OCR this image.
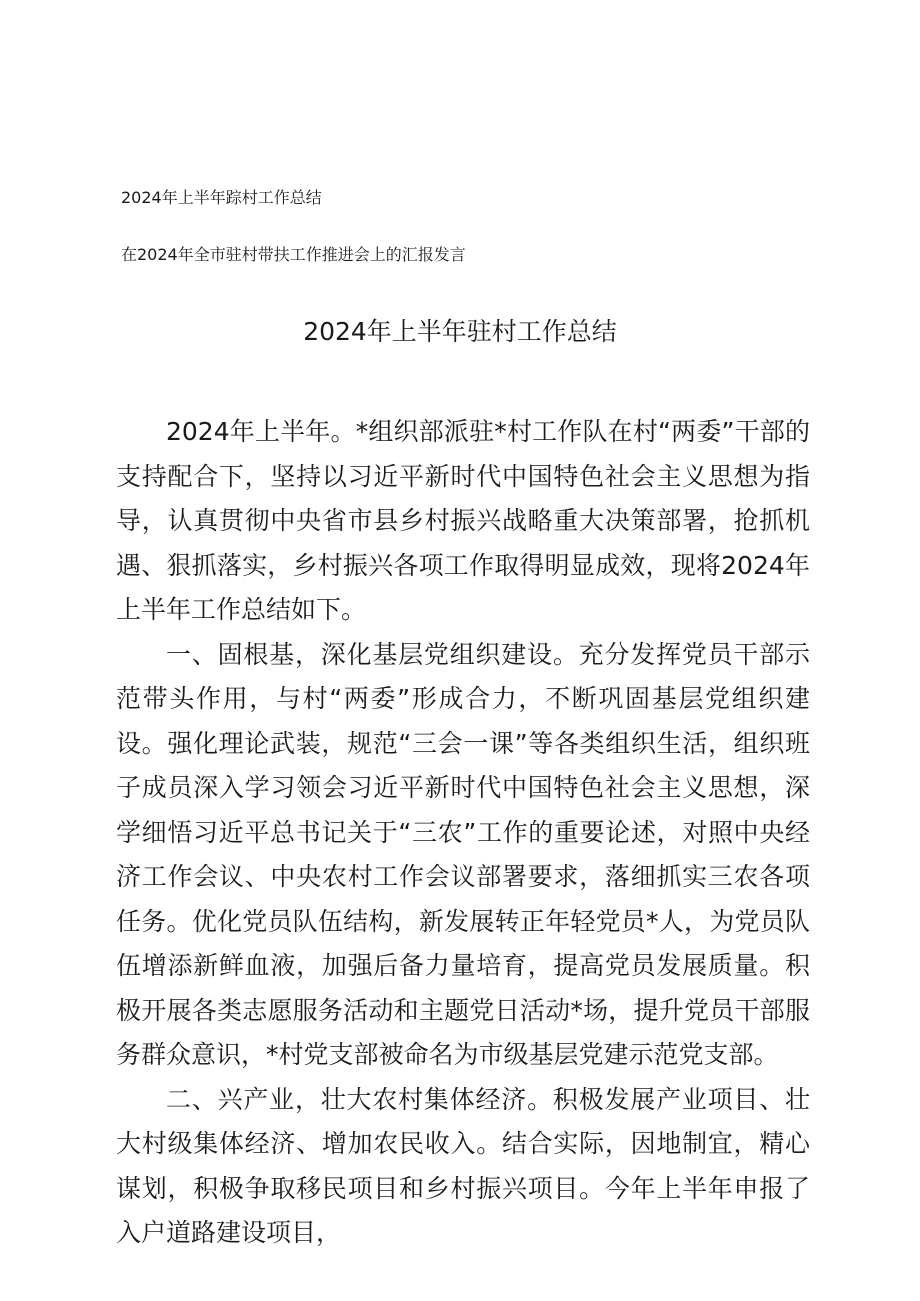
2024年上半年踪村工作总结
在2024年全市驻村带扶工作推进会上的汇报发言
2024年上半年驻村工作总结

2024年上半年。*组织部派驻*村工作队在村“两委”干部的支持配合下，坚持以习近平新时代中国特色社会主义思想为指导，认真贯彻中央省市县乡村振兴战略重大决策部署，抢抓机遇、狠抓落实，乡村振兴各项工作取得明显成效，现将2024年上半年工作总结如下。

一、固根基，深化基层党组织建设。充分发挥党员干部示范带头作用，与村“两委”形成合力，不断巩固基层党组织建设。强化理论武装，规范“三会一课”等各类组织生活，组织班子成员深入学习领会习近平新时代中国特色社会主义思想，深学细悟习近平总书记关于“三农”工作的重要论述，对照中央经济工作会议、中央农村工作会议部署要求，落细抓实三农各项任务。优化党员队伍结构，新发展转正年轻党员*人，为党员队伍增添新鲜血液，加强后备力量培育，提高党员发展质量。积极开展各类志愿服务活动和主题党日活动*场，提升党员干部服务群众意识，*村党支部被命名为市级基层党建示范党支部。

二、兴产业，壮大农村集体经济。积极发展产业项目、壮大村级集体经济、增加农民收入。结合实际，因地制宜，精心谋划，积极争取移民项目和乡村振兴项目。今年上半年申报了入户道路建设项目，
